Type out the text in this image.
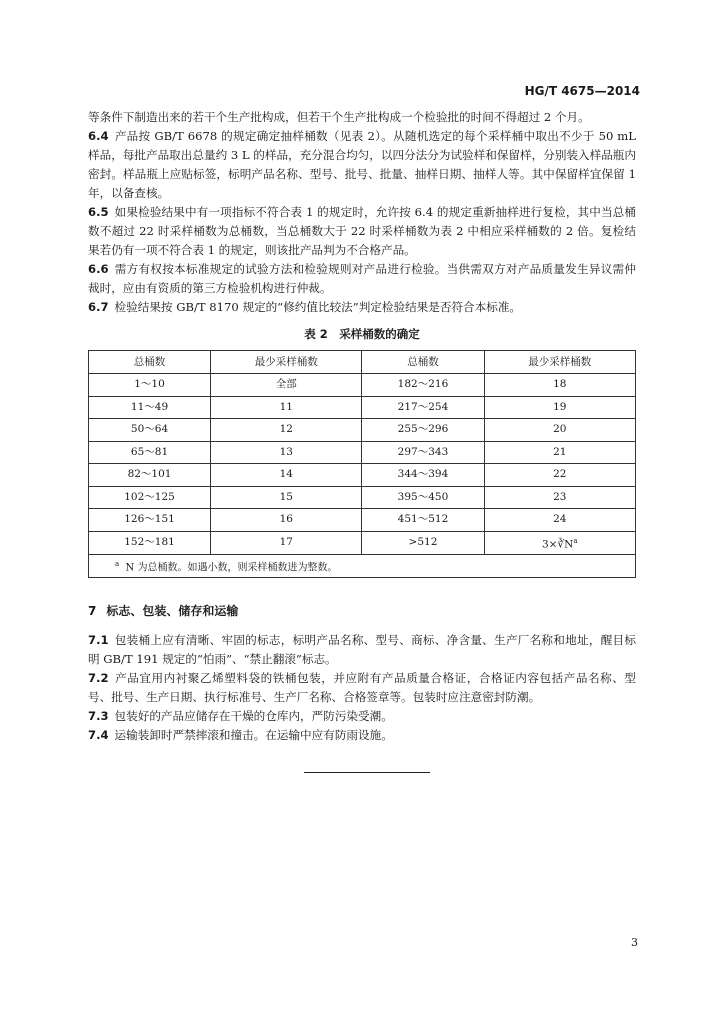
HG/T 4675—2014

等条件下制造出来的若干个生产批构成，但若干个生产批构成一个检验批的时间不得超过 2 个月。

6.4 产品按 GB/T 6678 的规定确定抽样桶数（见表 2）。从随机选定的每个采样桶中取出不少于 50 mL样品，每批产品取出总量约 3 L 的样品，充分混合均匀，以四分法分为试验样和保留样，分别装入样品瓶内密封。样品瓶上应贴标签，标明产品名称、型号、批号、批量、抽样日期、抽样人等。其中保留样宜保留 1 年，以备查核。

6.5 如果检验结果中有一项指标不符合表 1 的规定时，允许按 6.4 的规定重新抽样进行复检，其中当总桶数不超过 22 时采样桶数为总桶数，当总桶数大于 22 时采样桶数为表 2 中相应采样桶数的 2 倍。复检结果若仍有一项不符合表 1 的规定，则该批产品判为不合格产品。

6.6 需方有权按本标准规定的试验方法和检验规则对产品进行检验。当供需双方对产品质量发生异议需仲裁时，应由有资质的第三方检验机构进行仲裁。

6.7 检验结果按 GB/T 8170 规定的“修约值比较法”判定检验结果是否符合本标准。

表 2　采样桶数的确定
总桶数	最少采样桶数	总桶数	最少采样桶数
1～10	全部	182～216	18
11～49	11	217～254	19
50～64	12	255～296	20
65～81	13	297～343	21
82～101	14	344～394	22
102～125	15	395～450	23
126～151	16	451～512	24
152～181	17	>512	$3\times∛N^a$
$^a$ N 为总桶数。如遇小数，则采样桶数进为整数。			
7 标志、包装、储存和运输

7.1 包装桶上应有清晰、牢固的标志，标明产品名称、型号、商标、净含量、生产厂名称和地址，醒目标明 GB/T 191 规定的“怕雨”、“禁止翻滚”标志。

7.2 产品宜用内衬聚乙烯塑料袋的铁桶包装，并应附有产品质量合格证，合格证内容包括产品名称、型号、批号、生产日期、执行标准号、生产厂名称、合格签章等。包装时应注意密封防潮。

7.3 包装好的产品应储存在干燥的仓库内，严防污染受潮。

7.4 运输装卸时严禁摔滚和撞击。在运输中应有防雨设施。

3
